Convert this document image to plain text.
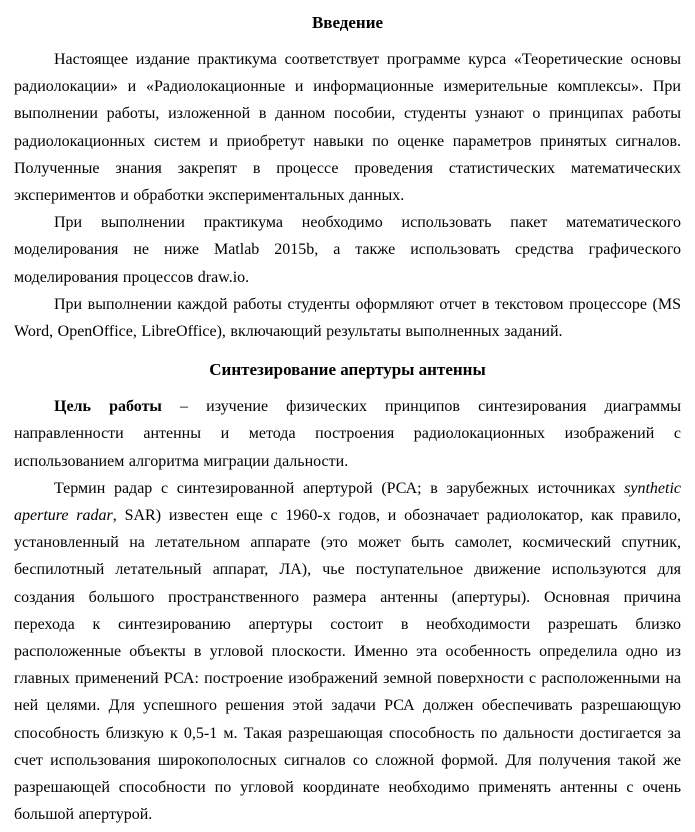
Введение

Настоящее издание практикума соответствует программе курса «Теоретические основы радиолокации» и «Радиолокационные и информационные измерительные комплексы». При выполнении работы, изложенной в данном пособии, студенты узнают о принципах работы радиолокационных систем и приобретут навыки по оценке параметров принятых сигналов. Полученные знания закрепят в процессе проведения статистических математических экспериментов и обработки экспериментальных данных.

При выполнении практикума необходимо использовать пакет математического моделирования не ниже Matlab 2015b, а также использовать средства графического моделирования процессов draw.io.

При выполнении каждой работы студенты оформляют отчет в текстовом процессоре (MS Word, OpenOffice, LibreOffice), включающий результаты выполненных заданий.

Синтезирование апертуры антенны

Цель работы – изучение физических принципов синтезирования диаграммы направленности антенны и метода построения радиолокационных изображений с использованием алгоритма миграции дальности.

Термин радар с синтезированной апертурой (РСА; в зарубежных источниках synthetic aperture radar, SAR) известен еще с 1960-х годов, и обозначает радиолокатор, как правило, установленный на летательном аппарате (это может быть самолет, космический спутник, беспилотный летательный аппарат, ЛА), чье поступательное движение используются для создания большого пространственного размера антенны (апертуры). Основная причина перехода к синтезированию апертуры состоит в необходимости разрешать близко расположенные объекты в угловой плоскости. Именно эта особенность определила одно из главных применений РСА: построение изображений земной поверхности с расположенными на ней целями. Для успешного решения этой задачи РСА должен обеспечивать разрешающую способность близкую к 0,5-1 м. Такая разрешающая способность по дальности достигается за счет использования широкополосных сигналов со сложной формой. Для получения такой же разрешающей способности по угловой координате необходимо применять антенны с очень большой апертурой.
